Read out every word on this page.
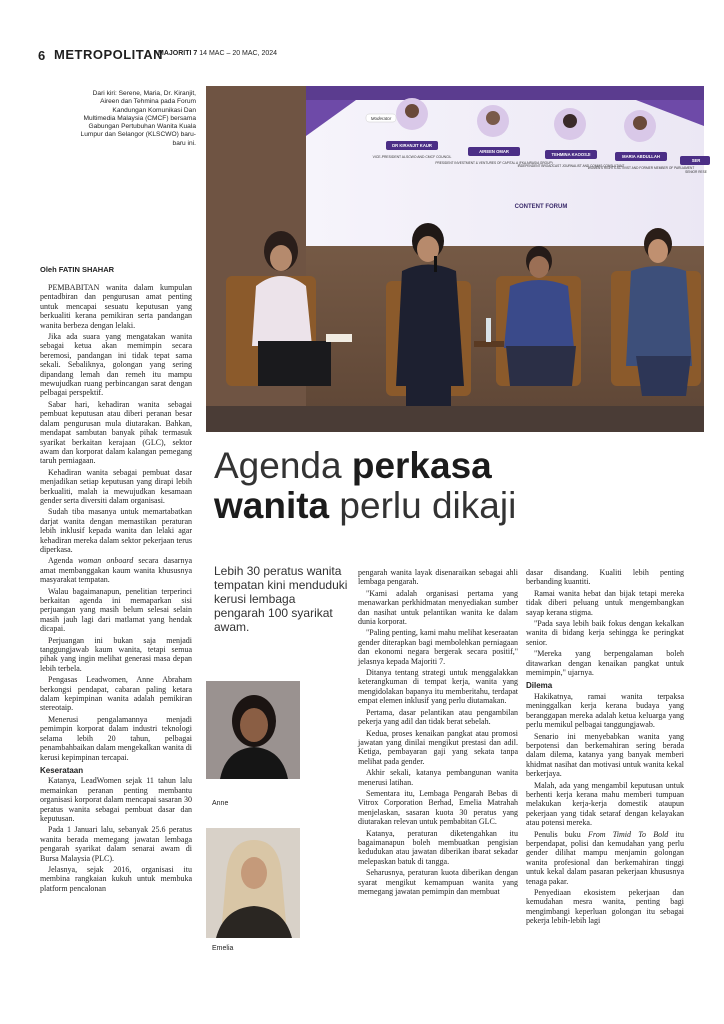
6 METROPOLITAN
MAJORITI 7 14 MAC – 20 MAC, 2024
Dari kiri: Serene, Maria, Dr. Kiranjit, Aireen dan Tehmina pada Forum Kandungan Komunikasi Dan Multimedia Malaysia (CMCF) bersama Gabungan Pertubuhan Wanita Kuala Lumpur dan Selangor (KLSCWO) baru-baru ini.
Moderator
DR KIRANJIT KAUR
VICE-PRESIDENT ALSCWO AND CMCF COUNCIL
AIREEN OMAR
PRESIDENT INVESTMENT & VENTURES OF CAPITAL A (FKA AIRASIA GROUP)
TEHMINA KAOOSJI
INDEPENDENT BROADCAST JOURNALIST AND COMMS CONSULTANT
MARIA ABDULLAH
WOMEN'S RIGHTS ACTIVIST AND FORMER MEMBER OF PARLIAMENT
SER
SENIOR RESE
CONTENT FORUM
Oleh FATIN SHAHAR

PEMBABITAN wanita dalam kumpulan pentadbiran dan pengurusan amat penting untuk mencapai sesuatu keputusan yang berkualiti kerana pemikiran serta pandangan wanita berbeza dengan lelaki.

Jika ada suara yang mengatakan wanita sebagai ketua akan memimpin secara beremosi, pandangan ini tidak tepat sama sekali. Sebaliknya, golongan yang sering dipandang lemah dan remeh itu mampu mewujudkan ruang perbincangan sarat dengan pelbagai perspektif.

Sabar hari, kehadiran wanita sebagai pembuat keputusan atau diberi peranan besar dalam pengurusan mula diutarakan. Bahkan, mendapat sambutan banyak pihak termasuk syarikat berkaitan kerajaan (GLC), sektor awam dan korporat dalam kalangan pemegang taruh perniagaan.

Kehadiran wanita sebagai pembuat dasar menjadikan setiap keputusan yang dirapi lebih berkualiti, malah ia mewujudkan kesamaan gender serta diversiti dalam organisasi.

Sudah tiba masanya untuk memartabatkan darjat wanita dengan memastikan peraturan lebih inklusif kepada wanita dan lelaki agar kehadiran mereka dalam sektor pekerjaan terus diperkasa.

Agenda woman onboard secara dasarnya amat membanggakan kaum wanita khususnya masyarakat tempatan.

Walau bagaimanapun, penelitian terperinci berkaitan agenda ini memaparkan sisi perjuangan yang masih belum selesai selain masih jauh lagi dari matlamat yang hendak dicapai.

Perjuangan ini bukan saja menjadi tanggungjawab kaum wanita, tetapi semua pihak yang ingin melihat generasi masa depan lebih terbela.

Pengasas Leadwomen, Anne Abraham berkongsi pendapat, cabaran paling ketara dalam kepimpinan wanita adalah pemikiran stereotaip.

Menerusi pengalamannya menjadi pemimpin korporat dalam industri teknologi selama lebih 20 tahun, pelbagai penambahbaikan dalam mengekalkan wanita di kerusi kepimpinan tercapai.

Keserataan

Katanya, LeadWomen sejak 11 tahun lalu memainkan peranan penting membantu organisasi korporat dalam mencapai sasaran 30 peratus wanita sebagai pembuat dasar dan keputusan.

Pada 1 Januari lalu, sebanyak 25.6 peratus wanita berada memegang jawatan lembaga pengarah syarikat dalam senarai awam di Bursa Malaysia (PLC).

Jelasnya, sejak 2016, organisasi itu membina rangkaian kukuh untuk membuka platform pencalonan

Agenda perkasa
wanita perlu dikaji
Lebih 30 peratus wanita tempatan kini menduduki kerusi lembaga pengarah 100 syarikat awam.
Anne
Emelia

pengarah wanita layak disenaraikan sebagai ahli lembaga pengarah.

"Kami adalah organisasi pertama yang menawarkan perkhidmatan menyediakan sumber dan nasihat untuk pelantikan wanita ke dalam dunia korporat.

"Paling penting, kami mahu melihat keseraatan gender diterapkan bagi membolehkan perniagaan dan ekonomi negara bergerak secara positif," jelasnya kepada Majoriti 7.

Ditanya tentang strategi untuk menggalakkan keterangkuman di tempat kerja, wanita yang mengidolakan bapanya itu memberitahu, terdapat empat elemen inklusif yang perlu diutamakan.

Pertama, dasar pelantikan atau pengambilan pekerja yang adil dan tidak berat sebelah.

Kedua, proses kenaikan pangkat atau promosi jawatan yang dinilai mengikut prestasi dan adil. Ketiga, pembayaran gaji yang sekata tanpa melihat pada gender.

Akhir sekali, katanya pembangunan wanita menerusi latihan.

Sementara itu, Lembaga Pengarah Bebas di Vitrox Corporation Berhad, Emelia Matrahah menjelaskan, sasaran kuota 30 peratus yang diutarakan relevan untuk pembabitan GLC.

Katanya, peraturan diketengahkan itu bagaimanapun boleh membuatkan pengisian kedudukan atau jawatan diberikan ibarat sekadar melepaskan batuk di tangga.

Seharusnya, peraturan kuota diberikan dengan syarat mengikut kemampuan wanita yang memegang jawatan pemimpin dan membuat

dasar disandang. Kualiti lebih penting berbanding kuantiti.

Ramai wanita hebat dan bijak tetapi mereka tidak diberi peluang untuk mengembangkan sayap kerana stigma.

"Pada saya lebih baik fokus dengan kekalkan wanita di bidang kerja sehingga ke peringkat senior.

"Mereka yang berpengalaman boleh ditawarkan dengan kenaikan pangkat untuk memimpin," ujarnya.

Dilema

Hakikatnya, ramai wanita terpaksa meninggalkan kerja kerana budaya yang beranggapan mereka adalah ketua keluarga yang perlu memikul pelbagai tanggungjawab.

Senario ini menyebabkan wanita yang berpotensi dan berkemahiran sering berada dalam dilema, katanya yang banyak memberi khidmat nasihat dan motivasi untuk wanita kekal berkerjaya.

Malah, ada yang mengambil keputusan untuk berhenti kerja kerana mahu memberi tumpuan melakukan kerja-kerja domestik ataupun pekerjaan yang tidak setaraf dengan kelayakan atau potensi mereka.

Penulis buku From Timid To Bold itu berpendapat, polisi dan kemudahan yang perlu gender dilihat mampu menjamin golongan wanita profesional dan berkemahiran tinggi untuk kekal dalam pasaran pekerjaan khususnya tenaga pakar.

Penyediaan ekosistem pekerjaan dan kemudahan mesra wanita, penting bagi mengimbangi keperluan golongan itu sebagai pekerja lebih-lebih lagi
